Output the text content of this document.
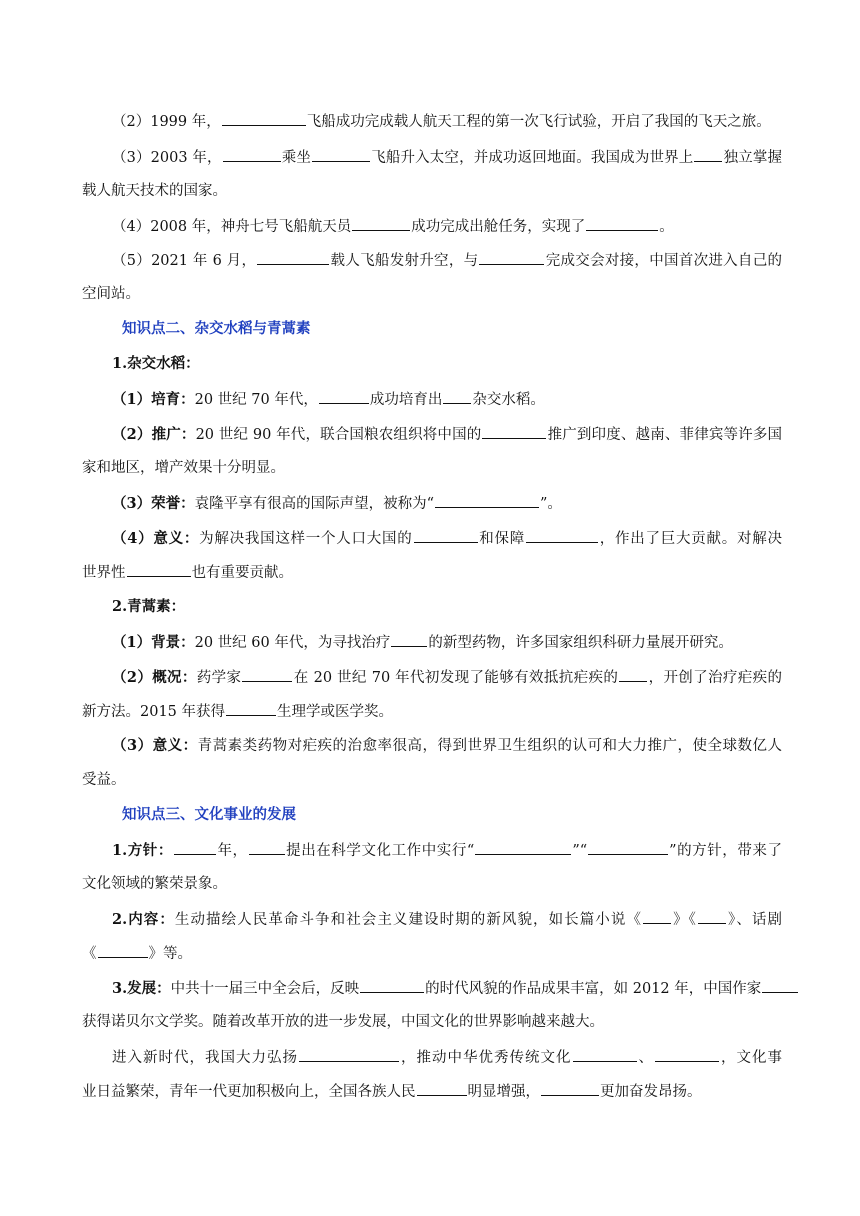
（2）1999 年，	飞船成功完成载人航天工程的第一次飞行试验，开启了我国的飞天之旅。
（3）2003 年，	乘坐	飞船升入太空，并成功返回地面。我国成为世界上 独立掌握
载人航天技术的国家。
（4）2008 年，神舟七号飞船航天员	成功完成出舱任务，实现了	。
（5）2021 年 6 月，	载人飞船发射升空，与	完成交会对接，中国首次进入自己的
空间站。
知识点二、杂交水稻与青蒿素
1.杂交水稻：
（1）培育：20 世纪 70 年代，	成功培育出 杂交水稻。
（2）推广：20 世纪 90 年代，联合国粮农组织将中国的	推广到印度、越南、菲律宾等许多国
家和地区，增产效果十分明显。
（3）荣誉：袁隆平享有很高的国际声望，被称为“	”。
（4）意义：为解决我国这样一个人口大国的	和保障	，作出了巨大贡献。对解决
世界性	也有重要贡献。
2.青蒿素：
（1）背景：20 世纪 60 年代，为寻找治疗	的新型药物，许多国家组织科研力量展开研究。
（2）概况：药学家	在 20 世纪 70 年代初发现了能够有效抵抗疟疾的 ，开创了治疗疟疾的
新方法。2015 年获得	生理学或医学奖。
（3）意义：青蒿素类药物对疟疾的治愈率很高，得到世界卫生组织的认可和大力推广，使全球数亿人
受益。
知识点三、文化事业的发展
1.方针：	年，	提出在科学文化工作中实行“	”“	”的方针，带来了
文化领域的繁荣景象。
2.内容：生动描绘人民革命斗争和社会主义建设时期的新风貌，如长篇小说《 》《 》、话剧
《	》等。
3.发展：中共十一届三中全会后，反映	的时代风貌的作品成果丰富，如 2012 年，中国作家
获得诺贝尔文学奖。随着改革开放的进一步发展，中国文化的世界影响越来越大。
进入新时代，我国大力弘扬	，推动中华优秀传统文化	、	，文化事
业日益繁荣，青年一代更加积极向上，全国各族人民	明显增强，	更加奋发昂扬。
